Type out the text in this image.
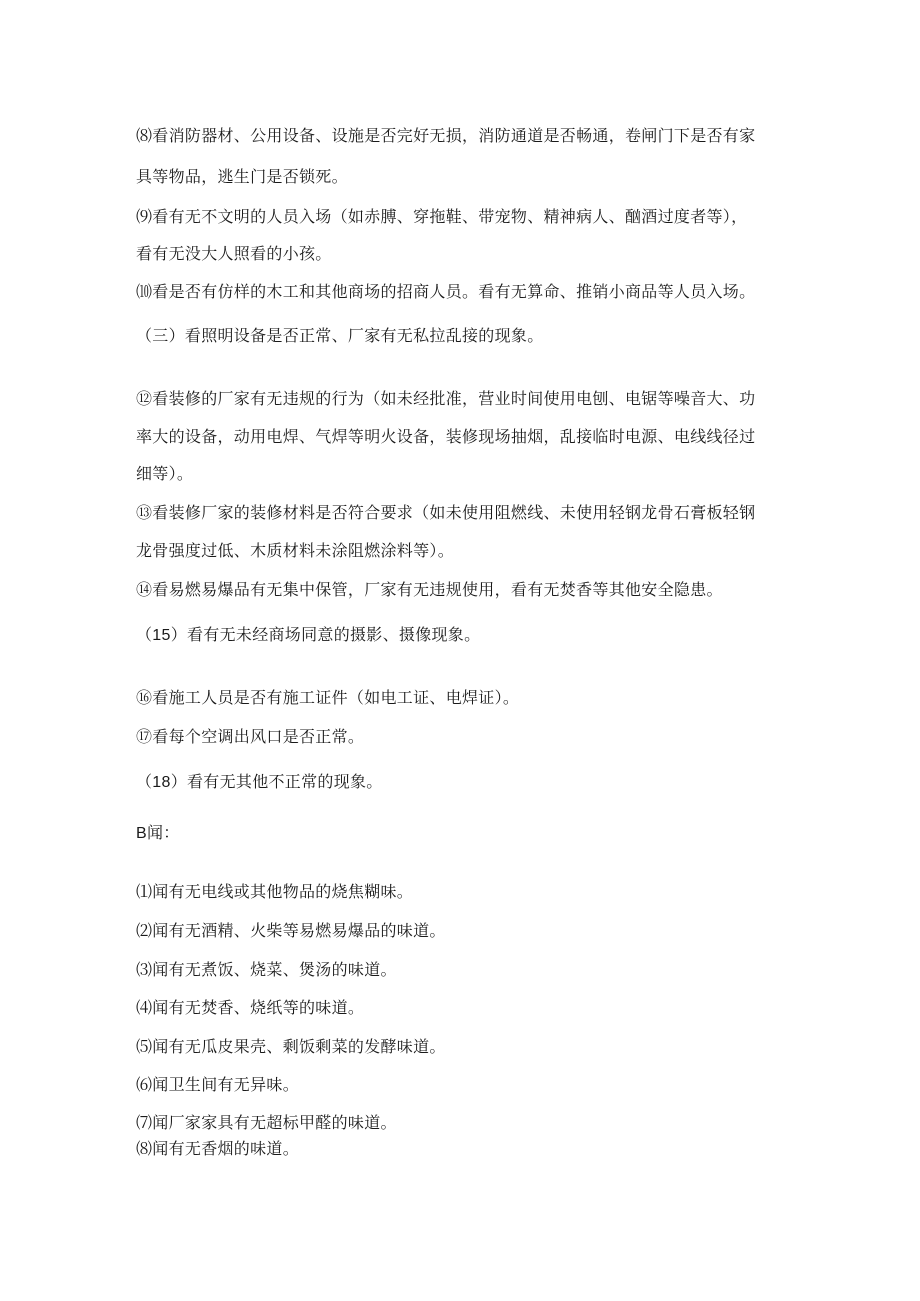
⑻看消防器材、公用设备、设施是否完好无损，消防通道是否畅通，卷闸门下是否有家
具等物品，逃生门是否锁死。
⑼看有无不文明的人员入场（如赤膊、穿拖鞋、带宠物、精神病人、酗酒过度者等），
看有无没大人照看的小孩。
⑽看是否有仿样的木工和其他商场的招商人员。看有无算命、推销小商品等人员入场。
（三）看照明设备是否正常、厂家有无私拉乱接的现象。
⑫看装修的厂家有无违规的行为（如未经批准，营业时间使用电刨、电锯等噪音大、功
率大的设备，动用电焊、气焊等明火设备，装修现场抽烟，乱接临时电源、电线线径过
细等）。
⑬看装修厂家的装修材料是否符合要求（如未使用阻燃线、未使用轻钢龙骨石膏板轻钢
龙骨强度过低、木质材料未涂阻燃涂料等）。
⑭看易燃易爆品有无集中保管，厂家有无违规使用，看有无焚香等其他安全隐患。
（15）看有无未经商场同意的摄影、摄像现象。
⑯看施工人员是否有施工证件（如电工证、电焊证）。
⑰看每个空调出风口是否正常。
（18）看有无其他不正常的现象。
B闻：
⑴闻有无电线或其他物品的烧焦糊味。
⑵闻有无酒精、火柴等易燃易爆品的味道。
⑶闻有无煮饭、烧菜、煲汤的味道。
⑷闻有无焚香、烧纸等的味道。
⑸闻有无瓜皮果壳、剩饭剩菜的发酵味道。
⑹闻卫生间有无异味。
⑺闻厂家家具有无超标甲醛的味道。
⑻闻有无香烟的味道。
